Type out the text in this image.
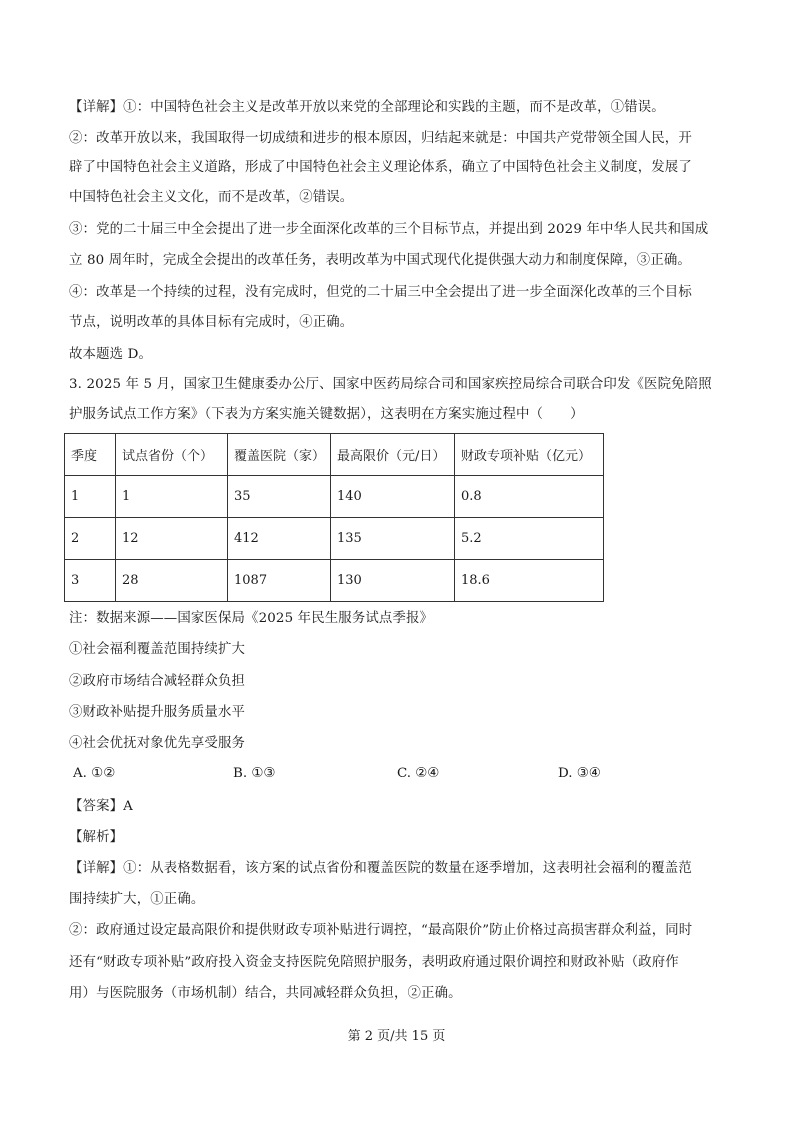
【详解】①：中国特色社会主义是改革开放以来党的全部理论和实践的主题，而不是改革，①错误。
②：改革开放以来，我国取得一切成绩和进步的根本原因，归结起来就是：中国共产党带领全国人民，开
辟了中国特色社会主义道路，形成了中国特色社会主义理论体系，确立了中国特色社会主义制度，发展了
中国特色社会主义文化，而不是改革，②错误。
③：党的二十届三中全会提出了进一步全面深化改革的三个目标节点，并提出到 2029 年中华人民共和国成
立 80 周年时，完成全会提出的改革任务，表明改革为中国式现代化提供强大动力和制度保障，③正确。
④：改革是一个持续的过程，没有完成时，但党的二十届三中全会提出了进一步全面深化改革的三个目标
节点，说明改革的具体目标有完成时，④正确。
故本题选 D。
3. 2025 年 5 月，国家卫生健康委办公厅、国家中医药局综合司和国家疾控局综合司联合印发《医院免陪照
护服务试点工作方案》（下表为方案实施关键数据），这表明在方案实施过程中（　　）
季度	试点省份（个）	覆盖医院（家）	最高限价（元/日）	财政专项补贴（亿元）
1	1	35	140	0.8
2	12	412	135	5.2
3	28	1087	130	18.6
注：数据来源——国家医保局《2025 年民生服务试点季报》
①社会福利覆盖范围持续扩大
②政府市场结合减轻群众负担
③财政补贴提升服务质量水平
④社会优抚对象优先享受服务
A. ①②	B. ①③	C. ②④	D. ③④
【答案】A
【解析】
【详解】①：从表格数据看，该方案的试点省份和覆盖医院的数量在逐季增加，这表明社会福利的覆盖范
围持续扩大，①正确。
②：政府通过设定最高限价和提供财政专项补贴进行调控，“最高限价”防止价格过高损害群众利益，同时
还有“财政专项补贴”政府投入资金支持医院免陪照护服务，表明政府通过限价调控和财政补贴（政府作
用）与医院服务（市场机制）结合，共同减轻群众负担，②正确。
第 2 页/共 15 页
